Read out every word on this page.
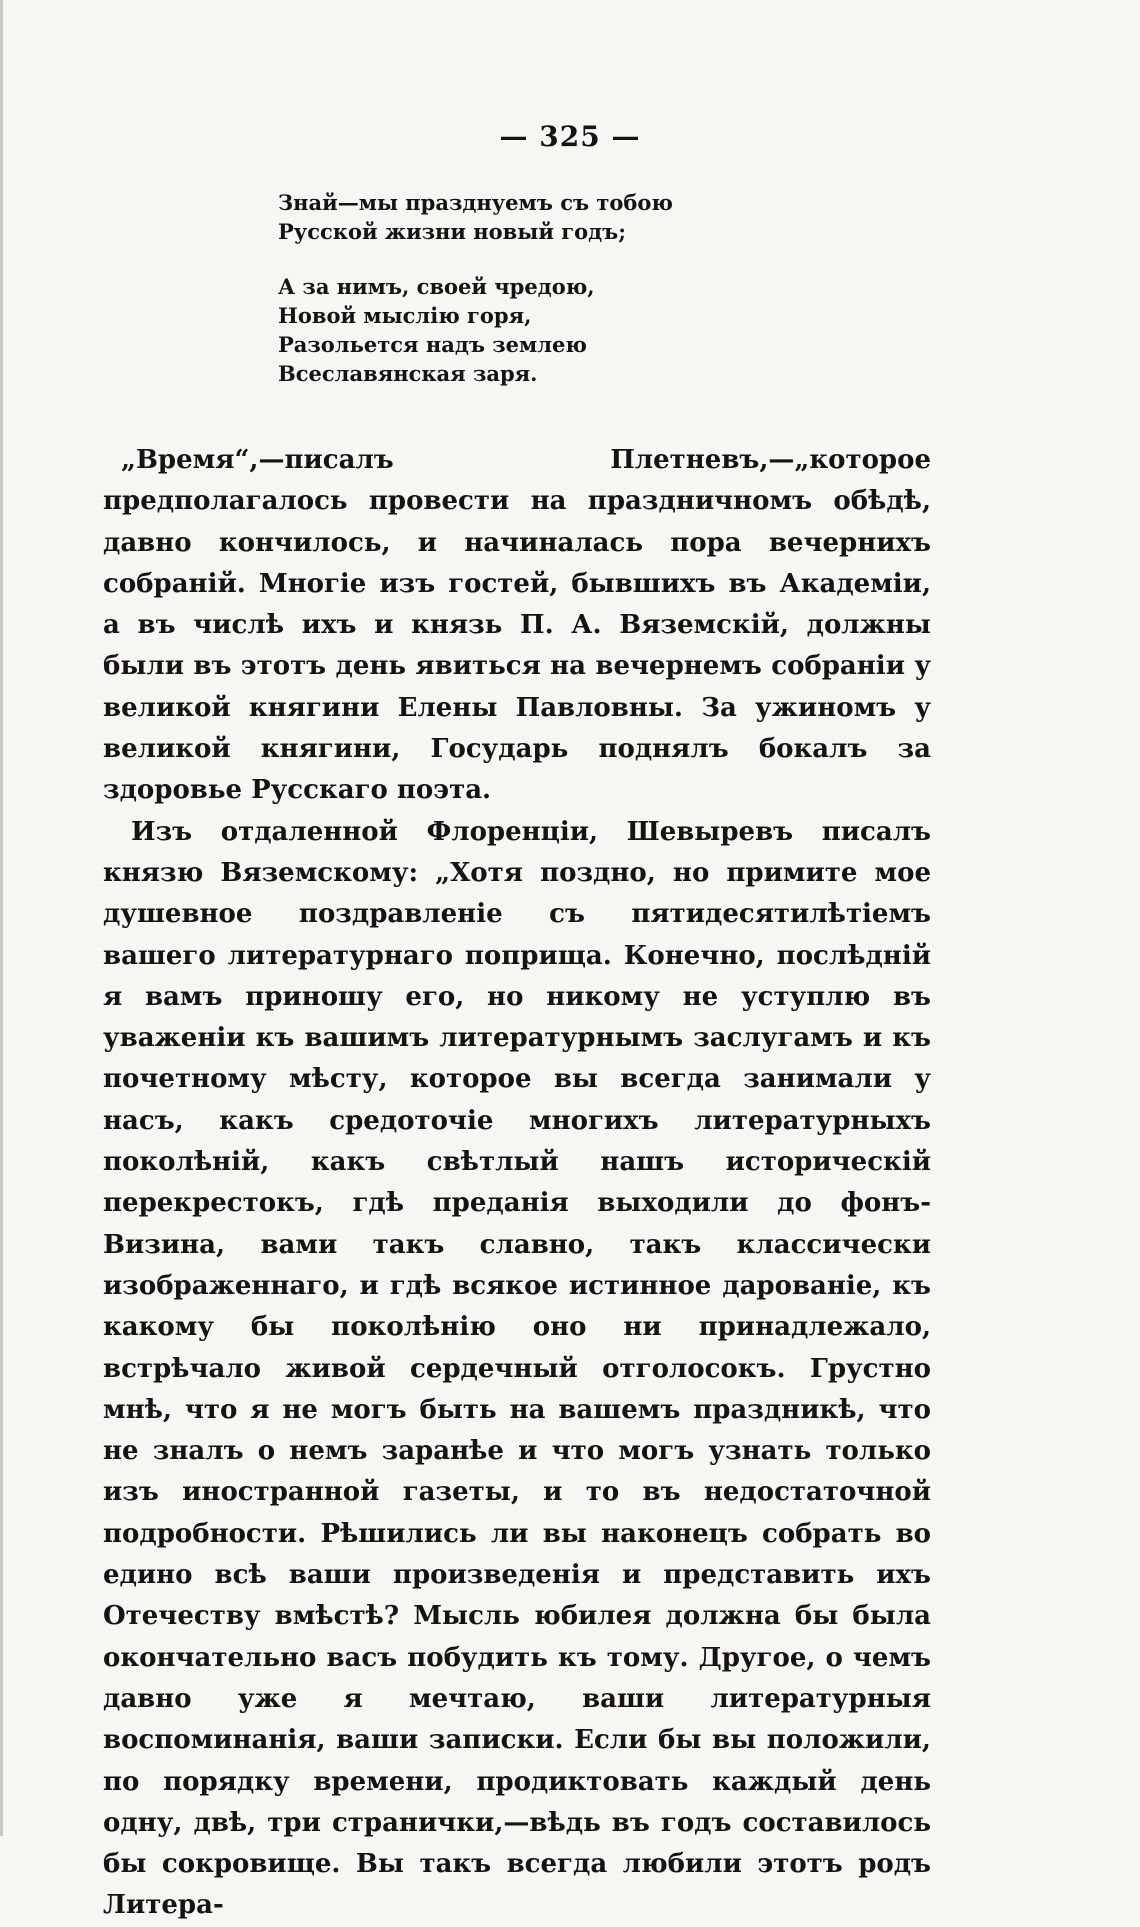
— 325 —
Знай—мы празднуемъ съ тобою
Русской жизни новый годъ;
А за нимъ, своей чредою,
Новой мыслію горя,
Разольется надъ землею
Всеславянская заря.

„Время“,—писалъ Плетневъ,—„которое предполагалось провести на праздничномъ обѣдѣ, давно кончилось, и начиналась пора вечернихъ собраній. Многіе изъ гостей, бывшихъ въ Академіи, а въ числѣ ихъ и князь П. А. Вяземскій, должны были въ этотъ день явиться на вечернемъ собраніи у великой княгини Елены Павловны. За ужиномъ у великой княгини, Государь поднялъ бокалъ за здоровье Русскаго поэта.

Изъ отдаленной Флоренціи, Шевыревъ писалъ князю Вяземскому: „Хотя поздно, но примите мое душевное поздравленіе съ пятидесятилѣтіемъ вашего литературнаго поприща. Конечно, послѣдній я вамъ приношу его, но никому не уступлю въ уваженіи къ вашимъ литературнымъ заслугамъ и къ почетному мѣсту, которое вы всегда занимали у насъ, какъ средоточіе многихъ литературныхъ поколѣній, какъ свѣтлый нашъ историческій перекрестокъ, гдѣ преданія выходили до фонъ-Визина, вами такъ славно, такъ классически изображеннаго, и гдѣ всякое истинное дарованіе, къ какому бы поколѣнію оно ни принадлежало, встрѣчало живой сердечный отголосокъ. Грустно мнѣ, что я не могъ быть на вашемъ праздникѣ, что не зналъ о немъ заранѣе и что могъ узнать только изъ иностранной газеты, и то въ недостаточной подробности. Рѣшились ли вы наконецъ собрать во едино всѣ ваши произведенія и представить ихъ Отечеству вмѣстѣ? Мысль юбилея должна бы была окончательно васъ побудить къ тому. Другое, о чемъ давно уже я мечтаю, ваши литературныя воспоминанія, ваши записки. Если бы вы положили, по порядку времени, продиктовать каждый день одну, двѣ, три странички,—вѣдь въ годъ составилось бы сокровище. Вы такъ всегда любили этотъ родъ Литера-
